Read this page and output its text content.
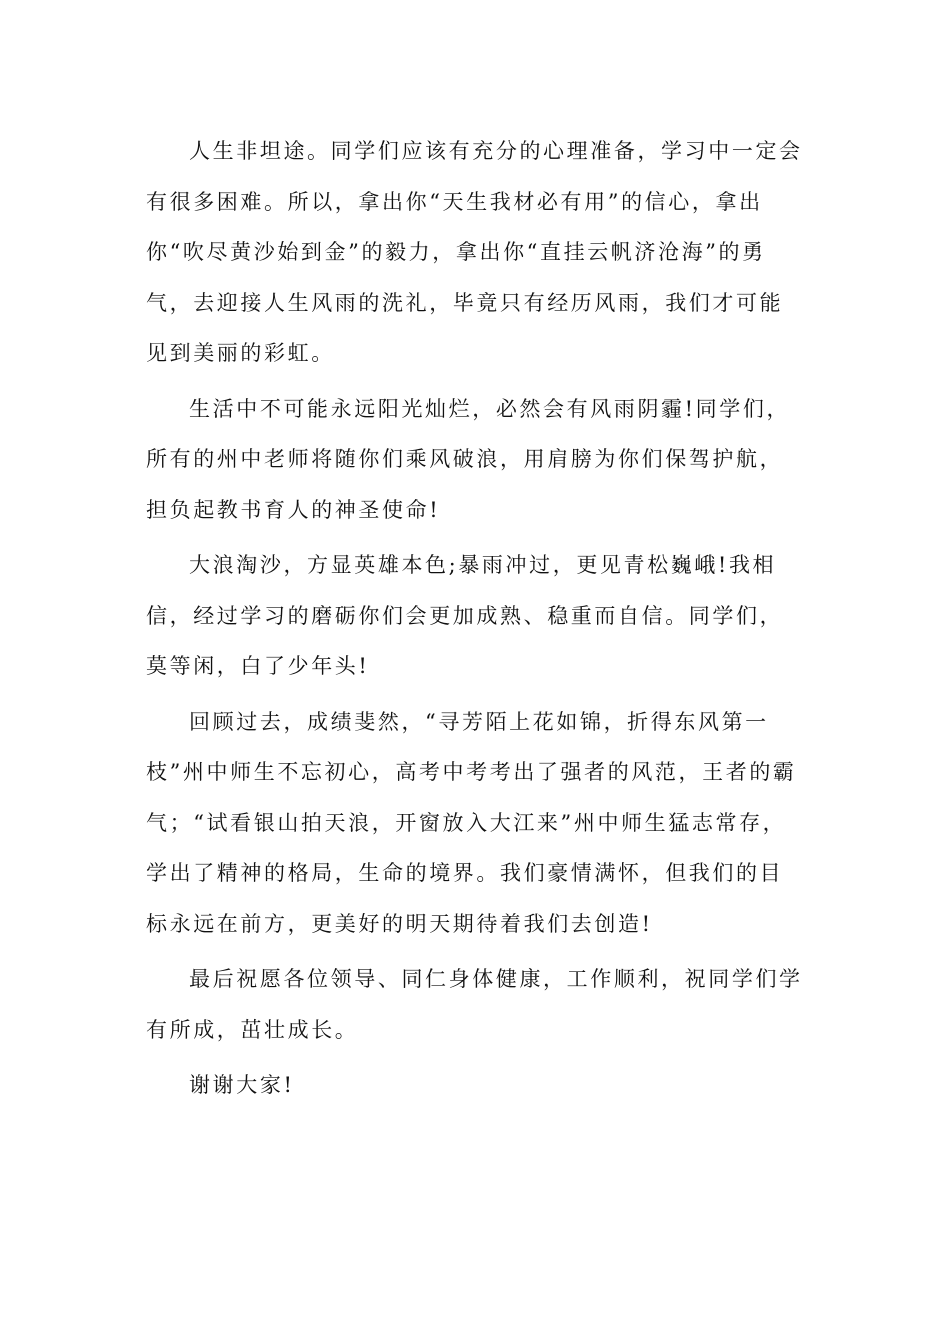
人生非坦途。同学们应该有充分的心理准备，学习中一定会有很多困难。所以，拿出你“天生我材必有用”的信心，拿出你“吹尽黄沙始到金”的毅力，拿出你“直挂云帆济沧海”的勇气，去迎接人生风雨的洗礼，毕竟只有经历风雨，我们才可能见到美丽的彩虹。

生活中不可能永远阳光灿烂，必然会有风雨阴霾!同学们，所有的州中老师将随你们乘风破浪，用肩膀为你们保驾护航，担负起教书育人的神圣使命!

大浪淘沙，方显英雄本色;暴雨冲过，更见青松巍峨!我相信，经过学习的磨砺你们会更加成熟、稳重而自信。同学们，莫等闲，白了少年头!

回顾过去，成绩斐然，“寻芳陌上花如锦，折得东风第一枝”州中师生不忘初心，高考中考考出了强者的风范，王者的霸气；“试看银山拍天浪，开窗放入大江来”州中师生猛志常存，学出了精神的格局，生命的境界。我们豪情满怀，但我们的目标永远在前方，更美好的明天期待着我们去创造!

最后祝愿各位领导、同仁身体健康，工作顺利，祝同学们学有所成，茁壮成长。

谢谢大家!
